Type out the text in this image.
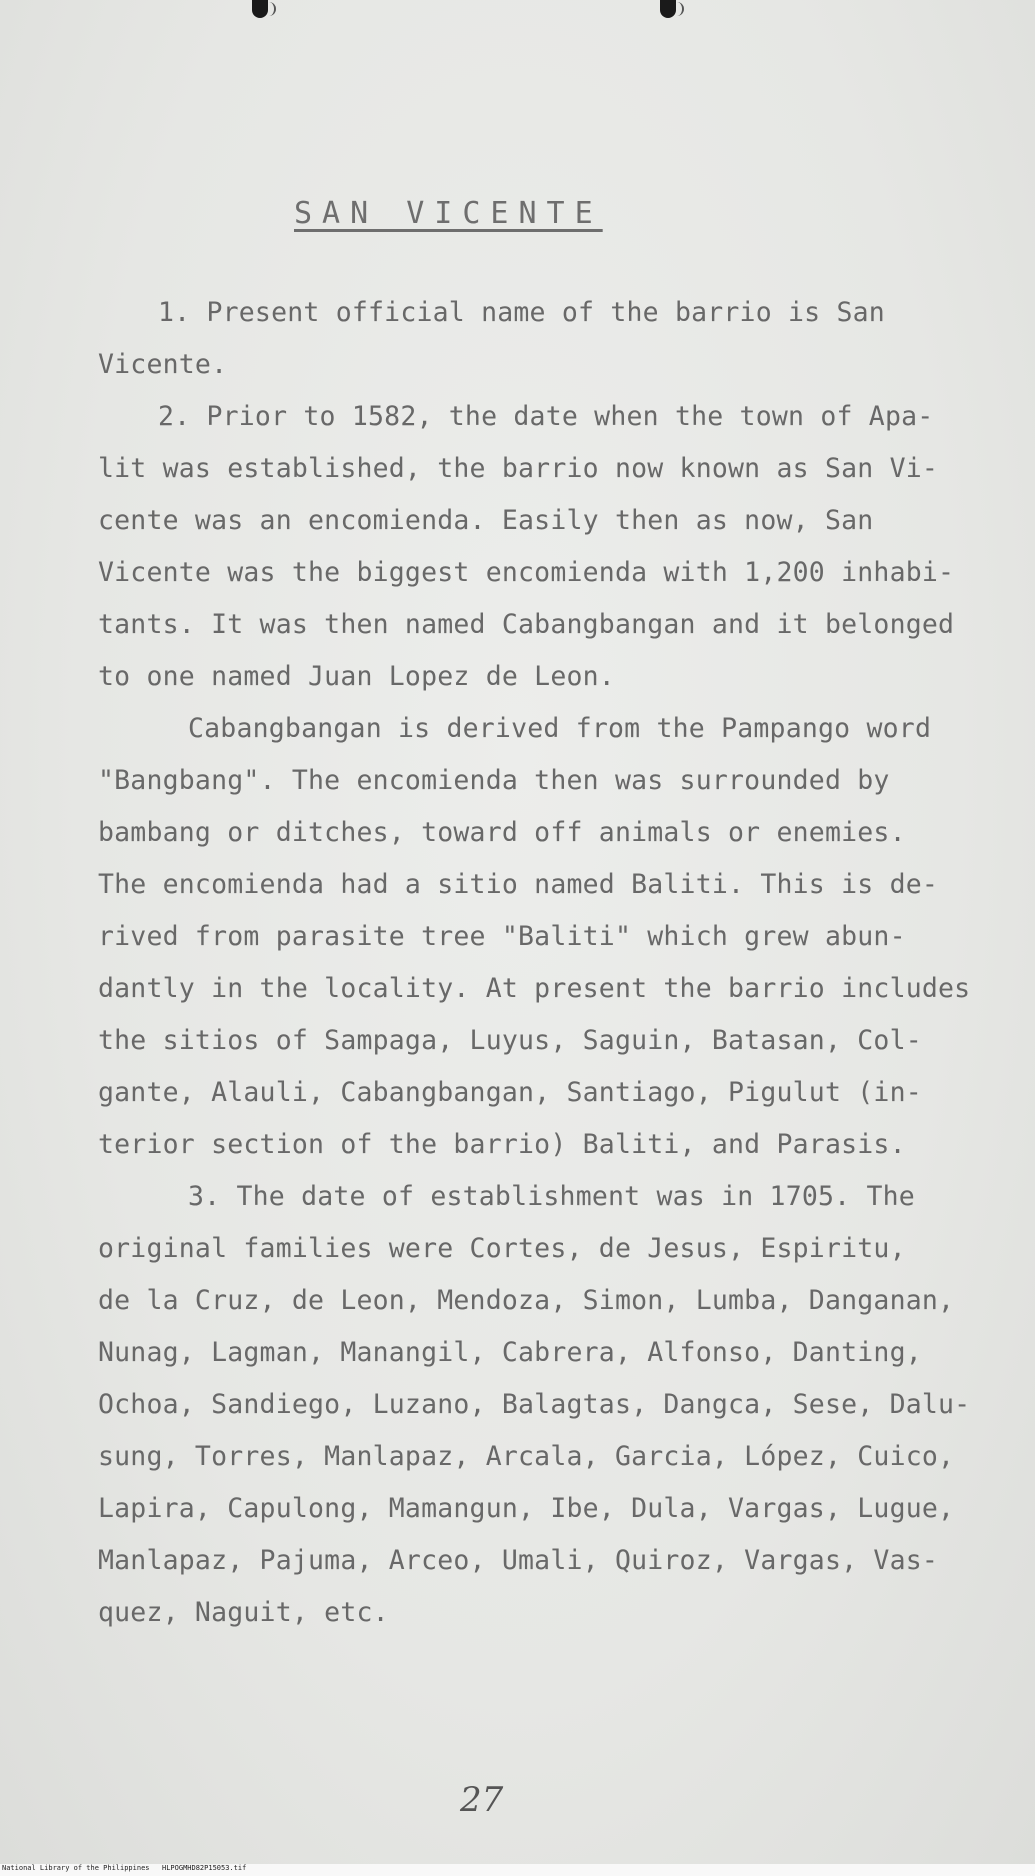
SAN VICENTE
1. Present official name of the barrio is San
Vicente.
2. Prior to 1582, the date when the town of Apa-
lit was established, the barrio now known as San Vi-
cente was an encomienda. Easily then as now, San
Vicente was the biggest encomienda with 1,200 inhabi-
tants. It was then named Cabangbangan and it belonged
to one named Juan Lopez de Leon.
Cabangbangan is derived from the Pampango word
"Bangbang". The encomienda then was surrounded by
bambang or ditches, toward off animals or enemies.
The encomienda had a sitio named Baliti. This is de-
rived from parasite tree "Baliti" which grew abun-
dantly in the locality. At present the barrio includes
the sitios of Sampaga, Luyus, Saguin, Batasan, Col-
gante, Alauli, Cabangbangan, Santiago, Pigulut (in-
terior section of the barrio) Baliti, and Parasis.
3. The date of establishment was in 1705. The
original families were Cortes, de Jesus, Espiritu,
de la Cruz, de Leon, Mendoza, Simon, Lumba, Danganan,
Nunag, Lagman, Manangil, Cabrera, Alfonso, Danting,
Ochoa, Sandiego, Luzano, Balagtas, Dangca, Sese, Dalu-
sung, Torres, Manlapaz, Arcala, Garcia, López, Cuico,
Lapira, Capulong, Mamangun, Ibe, Dula, Vargas, Lugue,
Manlapaz, Pajuma, Arceo, Umali, Quiroz, Vargas, Vas-
quez, Naguit, etc.
27
National Library of the Philippines HLPOGMHD82P15053.tif
